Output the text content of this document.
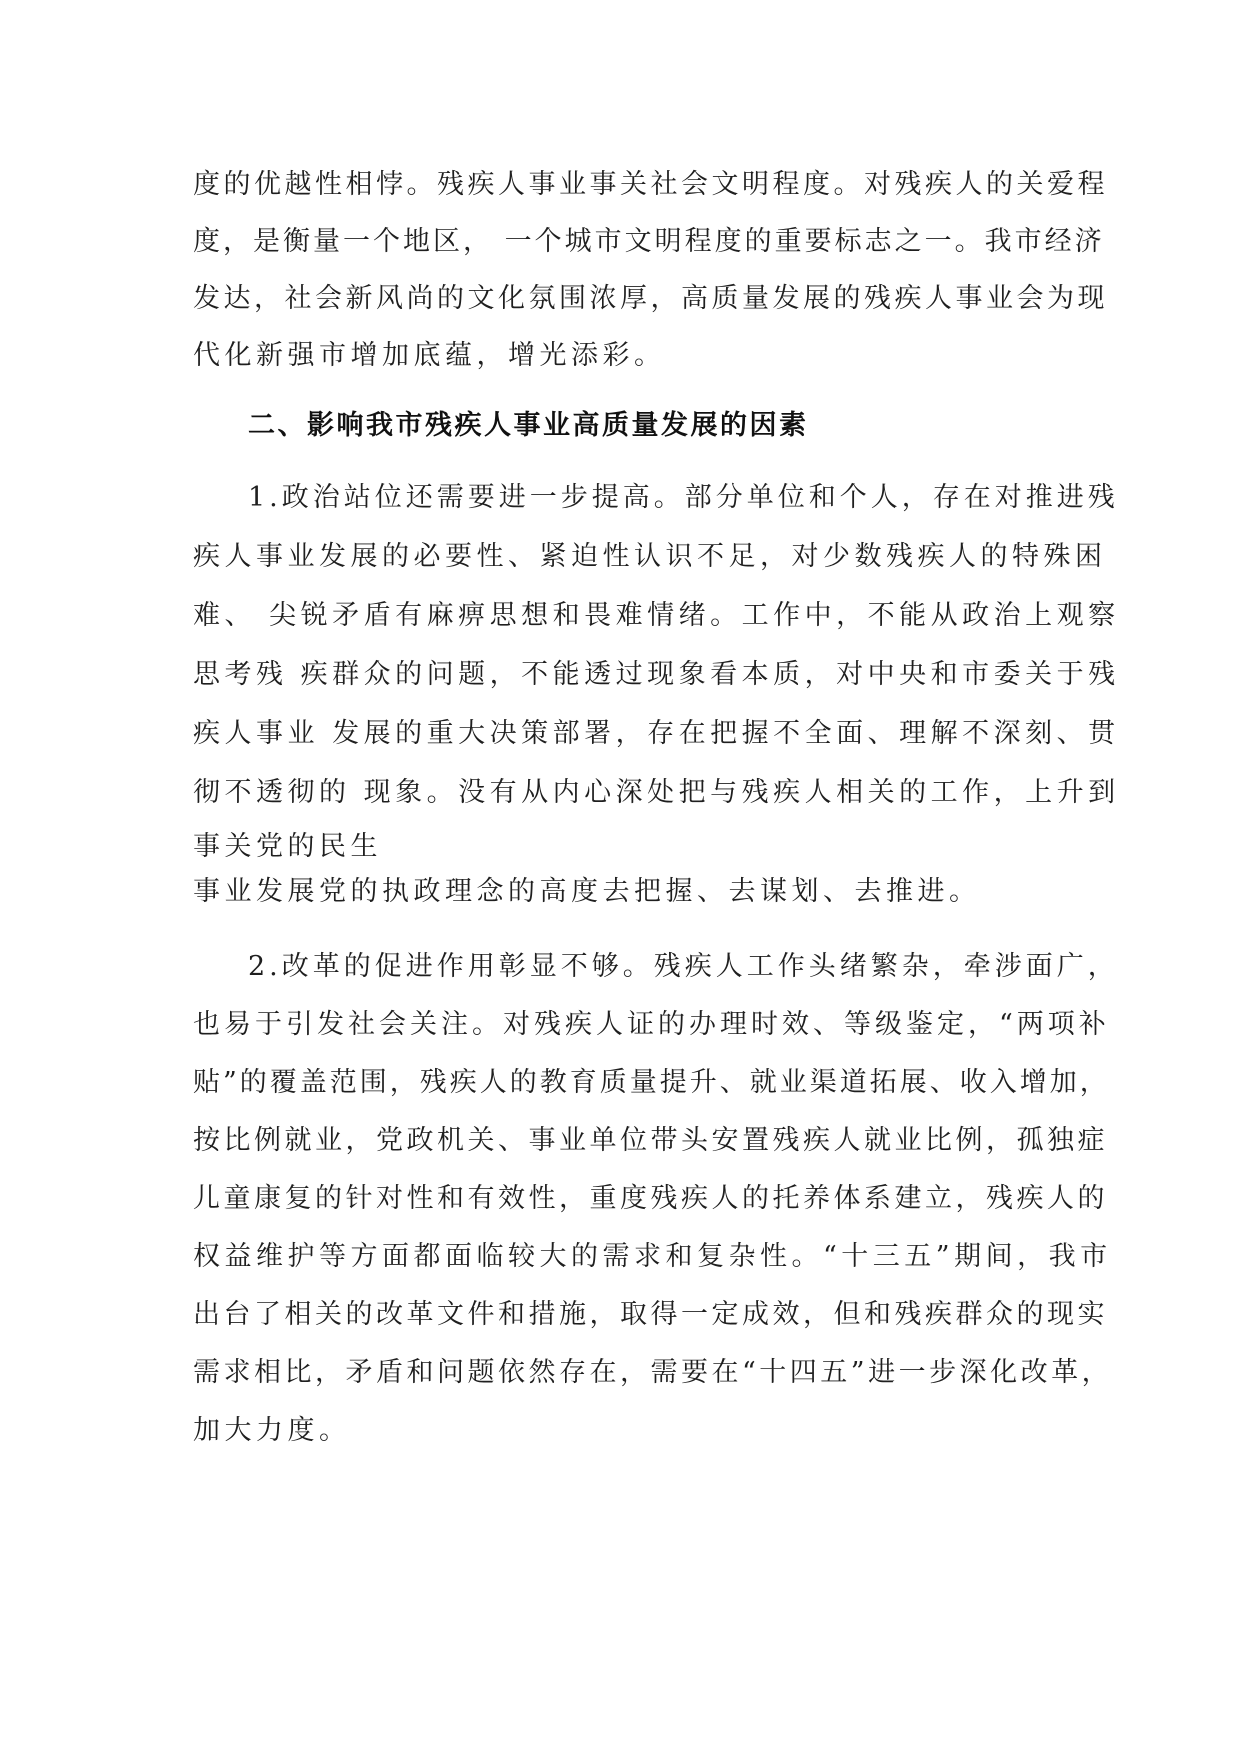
度的优越性相悖。残疾人事业事关社会文明程度。对残疾人的关爱程
度，是衡量一个地区， 一个城市文明程度的重要标志之一。我市经济
发达，社会新风尚的文化氛围浓厚，高质量发展的残疾人事业会为现
代化新强市增加底蕴，增光添彩。
二、影响我市残疾人事业高质量发展的因素
1.政治站位还需要进一步提高。部分单位和个人，存在对推进残
疾人事业发展的必要性、紧迫性认识不足，对少数残疾人的特殊困
难、 尖锐矛盾有麻痹思想和畏难情绪。工作中，不能从政治上观察
思考残 疾群众的问题，不能透过现象看本质，对中央和市委关于残
疾人事业 发展的重大决策部署，存在把握不全面、理解不深刻、贯
彻不透彻的 现象。没有从内心深处把与残疾人相关的工作，上升到
事关党的民生
事业发展党的执政理念的高度去把握、去谋划、去推进。
2.改革的促进作用彰显不够。残疾人工作头绪繁杂，牵涉面广，
也易于引发社会关注。对残疾人证的办理时效、等级鉴定，“两项补
贴”的覆盖范围，残疾人的教育质量提升、就业渠道拓展、收入增加，
按比例就业，党政机关、事业单位带头安置残疾人就业比例，孤独症
儿童康复的针对性和有效性，重度残疾人的托养体系建立，残疾人的
权益维护等方面都面临较大的需求和复杂性。“十三五”期间，我市
出台了相关的改革文件和措施，取得一定成效，但和残疾群众的现实
需求相比，矛盾和问题依然存在，需要在“十四五”进一步深化改革，
加大力度。
